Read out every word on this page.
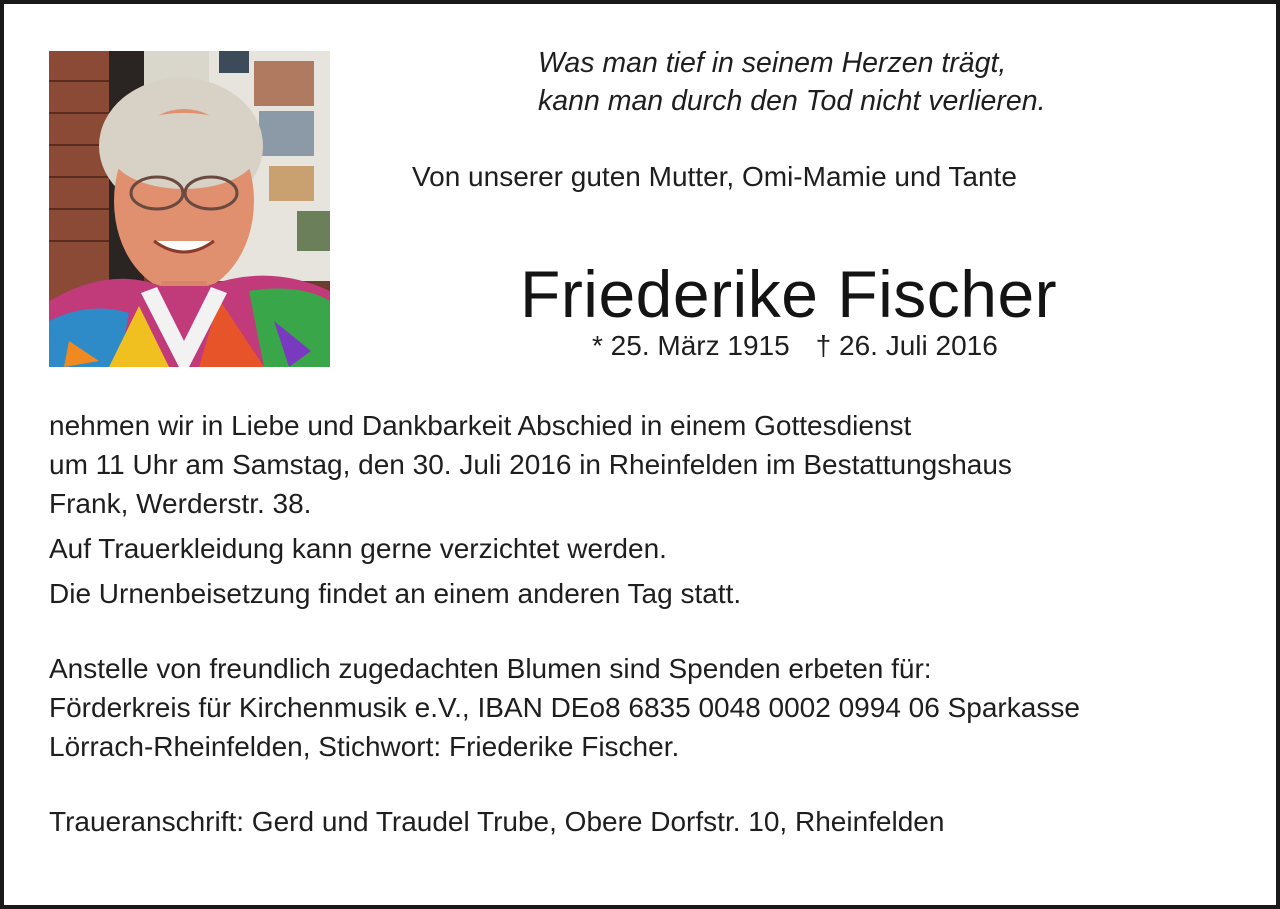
Was man tief in seinem Herzen trägt,
kann man durch den Tod nicht verlieren.
Von unserer guten Mutter, Omi-Mamie und Tante
Friederike Fischer
* 25. März 1915 † 26. Juli 2016

nehmen wir in Liebe und Dankbarkeit Abschied in einem Gottesdienst

um 11 Uhr am Samstag, den 30. Juli 2016 in Rheinfelden im Bestattungshaus

Frank, Werderstr. 38.

Auf Trauerkleidung kann gerne verzichtet werden.

Die Urnenbeisetzung findet an einem anderen Tag statt.

Anstelle von freundlich zugedachten Blumen sind Spenden erbeten für:

Förderkreis für Kirchenmusik e.V., IBAN DEo8 6835 0048 0002 0994 06 Sparkasse

Lörrach-Rheinfelden, Stichwort: Friederike Fischer.

Traueranschrift: Gerd und Traudel Trube, Obere Dorfstr. 10, Rheinfelden
